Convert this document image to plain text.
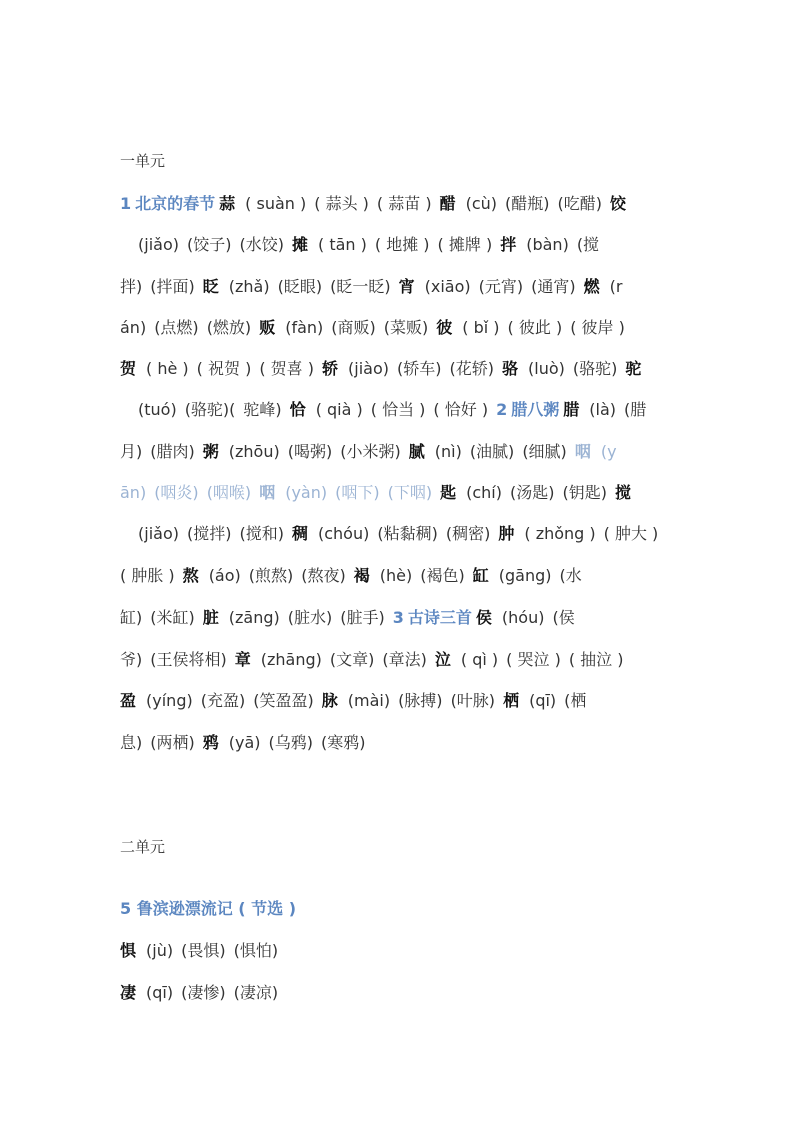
一单元
二单元
1 北京的春节 蒜 ( suàn ) ( 蒜头 ) ( 蒜苗 ) 醋 (cù) (醋瓶) (吃醋) 饺
(jiǎo) (饺子) (水饺) 摊 ( tān ) ( 地摊 ) ( 摊牌 ) 拌 (bàn) (搅
拌) (拌面) 眨 (zhǎ) (眨眼) (眨一眨) 宵 (xiāo) (元宵) (通宵) 燃 (r
án) (点燃) (燃放) 贩 (fàn) (商贩) (菜贩) 彼 ( bǐ ) ( 彼此 ) ( 彼岸 )
贺 ( hè ) ( 祝贺 ) ( 贺喜 ) 轿 (jiào) (轿车) (花轿) 骆 (luò) (骆驼) 驼
(tuó) (骆驼)( 驼峰) 恰 ( qià ) ( 恰当 ) ( 恰好 ) 2 腊八粥 腊 (là) (腊
月) (腊肉) 粥 (zhōu) (喝粥) (小米粥) 腻 (nì) (油腻) (细腻) 咽 (y
ān) (咽炎) (咽喉) 咽 (yàn) (咽下) (下咽) 匙 (chí) (汤匙) (钥匙) 搅
(jiǎo) (搅拌) (搅和) 稠 (chóu) (粘黏稠) (稠密) 肿 ( zhǒng ) ( 肿大 )
( 肿胀 ) 熬 (áo) (煎熬) (熬夜) 褐 (hè) (褐色) 缸 (gāng) (水
缸) (米缸) 脏 (zāng) (脏水) (脏手) 3 古诗三首 侯 (hóu) (侯
爷) (王侯将相) 章 (zhāng) (文章) (章法) 泣 ( qì ) ( 哭泣 ) ( 抽泣 )
盈 (yíng) (充盈) (笑盈盈) 脉 (mài) (脉搏) (叶脉) 栖 (qī) (栖
息) (两栖) 鸦 (yā) (乌鸦) (寒鸦)
5 鲁滨逊漂流记 ( 节选 )
惧 (jù) (畏惧) (惧怕)
凄 (qī) (凄惨) (凄凉)
